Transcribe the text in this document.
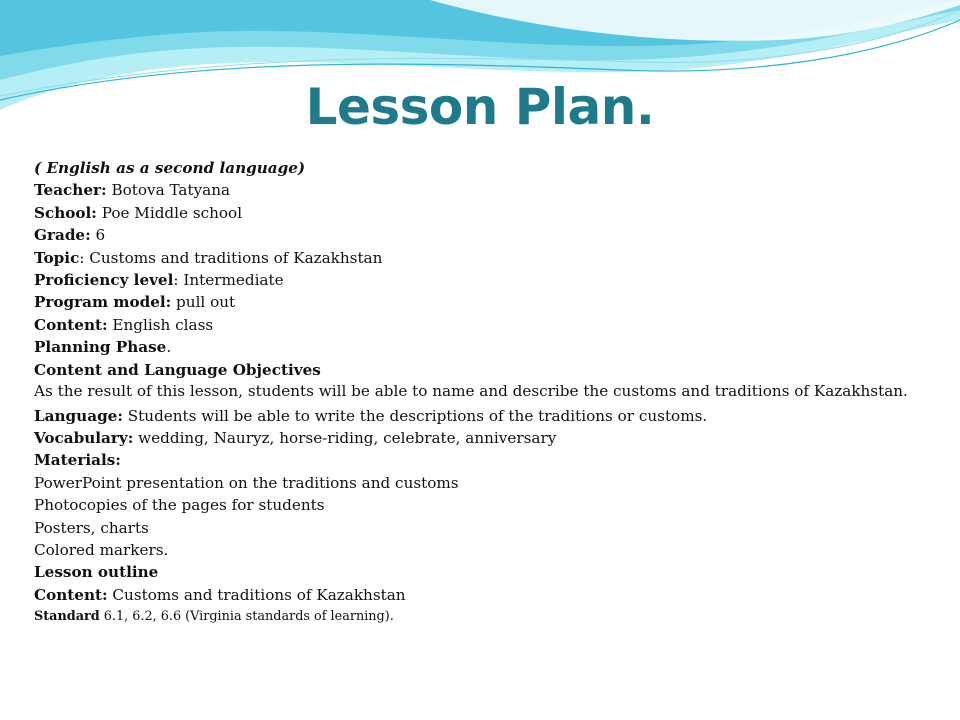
Lesson Plan.
( English as a second language)
Teacher: Botova Tatyana
School: Poe Middle school
Grade: 6
Topic: Customs and traditions of Kazakhstan
Proficiency level: Intermediate
Program model: pull out
Content: English class
Planning Phase.
Content and Language Objectives
As the result of this lesson, students will be able to name and describe the customs and traditions of Kazakhstan.
Language: Students will be able to write the descriptions of the traditions or customs.
Vocabulary: wedding, Nauryz, horse-riding, celebrate, anniversary
Materials:
PowerPoint presentation on the traditions and customs
Photocopies of the pages for students
Posters, charts
Colored markers.
Lesson outline
Content: Customs and traditions of Kazakhstan
Standard 6.1, 6.2, 6.6 (Virginia standards of learning).
